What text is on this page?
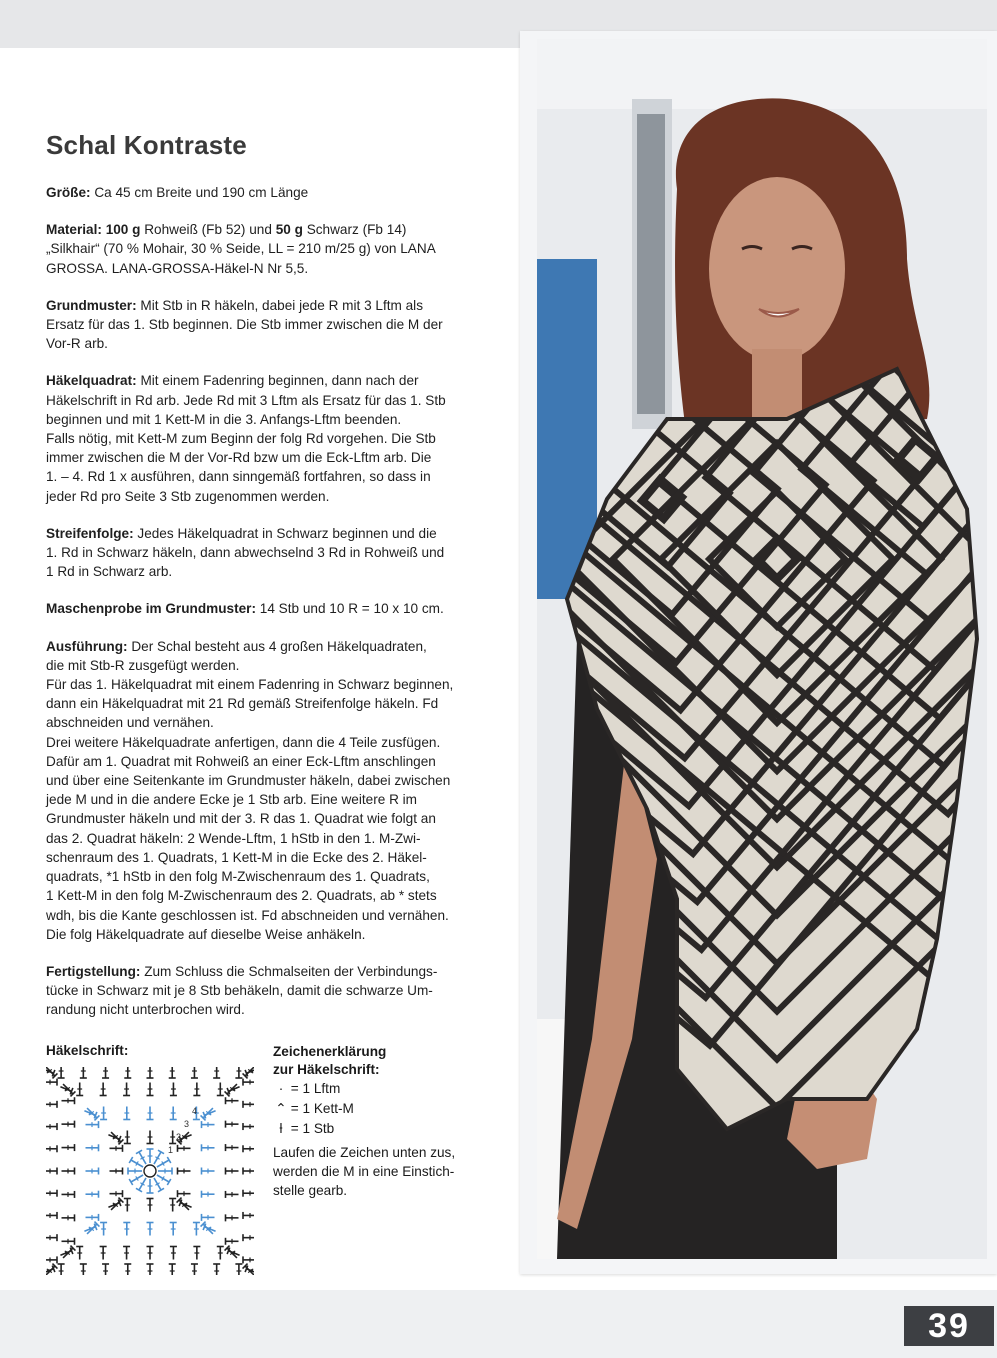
Schal Kontraste

Größe: Ca 45 cm Breite und 190 cm Länge

Material: 100 g Rohweiß (Fb 52) und 50 g Schwarz (Fb 14)
„Silkhair“ (70 % Mohair, 30 % Seide, LL = 210 m/25 g) von LANA
GROSSA. LANA-GROSSA-Häkel-N Nr 5,5.

Grundmuster: Mit Stb in R häkeln, dabei jede R mit 3 Lftm als
Ersatz für das 1. Stb beginnen. Die Stb immer zwischen die M der
Vor-R arb.

Häkelquadrat: Mit einem Fadenring beginnen, dann nach der
Häkelschrift in Rd arb. Jede Rd mit 3 Lftm als Ersatz für das 1. Stb
beginnen und mit 1 Kett-M in die 3. Anfangs-Lftm beenden.
Falls nötig, mit Kett-M zum Beginn der folg Rd vorgehen. Die Stb
immer zwischen die M der Vor-Rd bzw um die Eck-Lftm arb. Die
1. – 4. Rd 1 x ausführen, dann sinngemäß fortfahren, so dass in
jeder Rd pro Seite 3 Stb zugenommen werden.

Streifenfolge: Jedes Häkelquadrat in Schwarz beginnen und die
1. Rd in Schwarz häkeln, dann abwechselnd 3 Rd in Rohweiß und
1 Rd in Schwarz arb.

Maschenprobe im Grundmuster: 14 Stb und 10 R = 10 x 10 cm.

Ausführung: Der Schal besteht aus 4 großen Häkelquadraten,
die mit Stb-R zusgefügt werden.
Für das 1. Häkelquadrat mit einem Fadenring in Schwarz beginnen,
dann ein Häkelquadrat mit 21 Rd gemäß Streifenfolge häkeln. Fd
abschneiden und vernähen.
Drei weitere Häkelquadrate anfertigen, dann die 4 Teile zusfügen.
Dafür am 1. Quadrat mit Rohweiß an einer Eck-Lftm anschlingen
und über eine Seitenkante im Grundmuster häkeln, dabei zwischen
jede M und in die andere Ecke je 1 Stb arb. Eine weitere R im
Grundmuster häkeln und mit der 3. R das 1. Quadrat wie folgt an
das 2. Quadrat häkeln: 2 Wende-Lftm, 1 hStb in den 1. M-Zwi-
schenraum des 1. Quadrats, 1 Kett-M in die Ecke des 2. Häkel-
quadrats, *1 hStb in den folg M-Zwischenraum des 1. Quadrats,
1 Kett-M in den folg M-Zwischenraum des 2. Quadrats, ab * stets
wdh, bis die Kante geschlossen ist. Fd abschneiden und vernähen.
Die folg Häkelquadrate auf dieselbe Weise anhäkeln.

Fertigstellung: Zum Schluss die Schmalseiten der Verbindungs-
tücke in Schwarz mit je 8 Stb behäkeln, damit die schwarze Um-
randung nicht unterbrochen wird.

Häkelschrift:
1
2
3
4
Zeichenerklärung
zur Häkelschrift:
· = 1 Lftm
⌃ = 1 Kett-M
ƚ = 1 Stb
Laufen die Zeichen unten zus,
werden die M in eine Einstich-
stelle gearb.
39
